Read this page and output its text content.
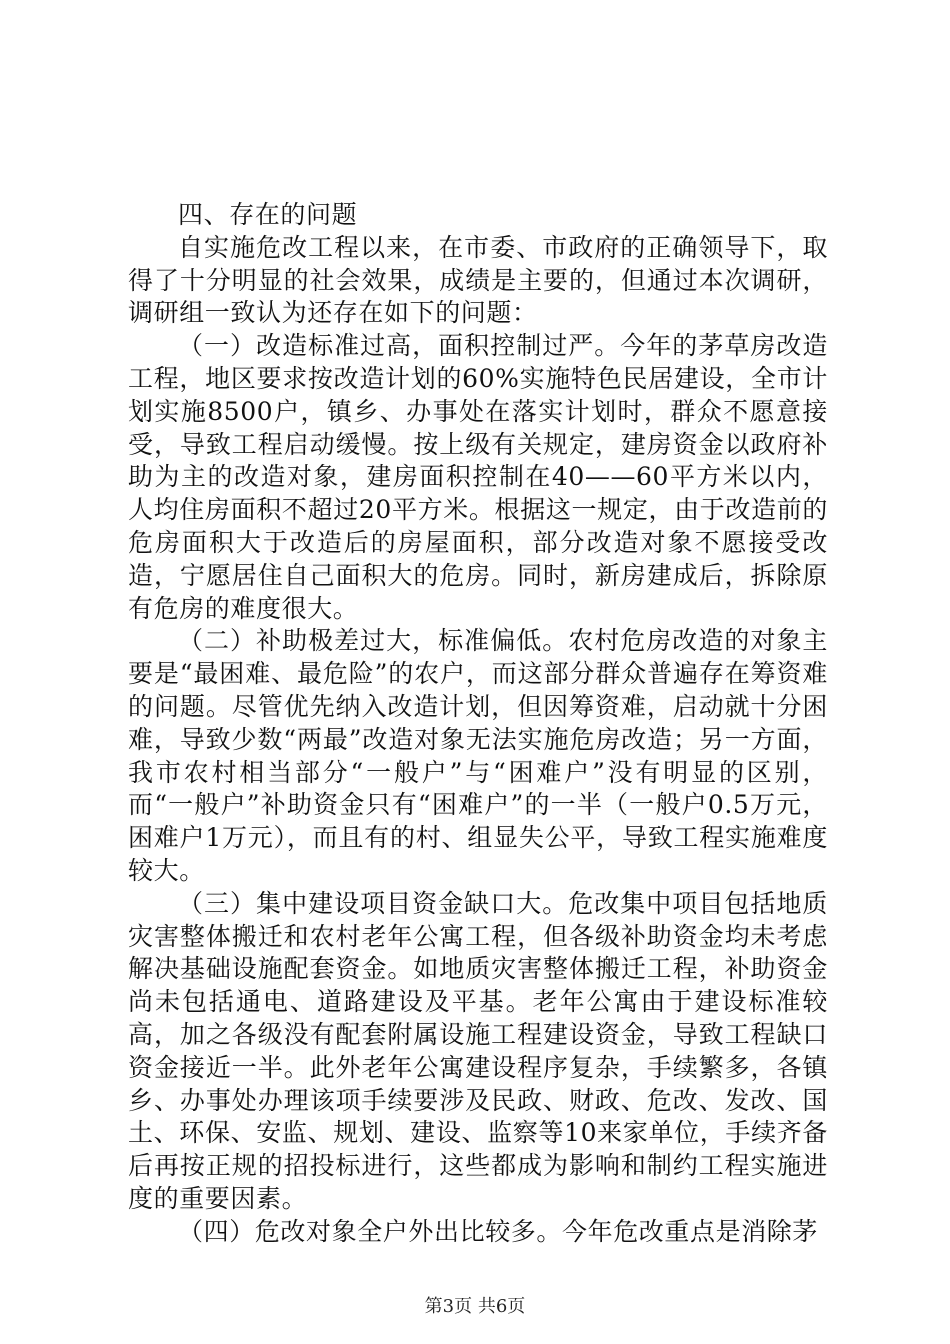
四、存在的问题

自实施危改工程以来，在市委、市政府的正确领导下，取得了十分明显的社会效果，成绩是主要的，但通过本次调研，调研组一致认为还存在如下的问题：

（一）改造标准过高，面积控制过严。今年的茅草房改造工程，地区要求按改造计划的60%实施特色民居建设，全市计划实施8500户，镇乡、办事处在落实计划时，群众不愿意接受，导致工程启动缓慢。按上级有关规定，建房资金以政府补助为主的改造对象，建房面积控制在40——60平方米以内，人均住房面积不超过20平方米。根据这一规定，由于改造前的危房面积大于改造后的房屋面积，部分改造对象不愿接受改造，宁愿居住自己面积大的危房。同时，新房建成后，拆除原有危房的难度很大。

（二）补助极差过大，标准偏低。农村危房改造的对象主要是“最困难、最危险”的农户，而这部分群众普遍存在筹资难的问题。尽管优先纳入改造计划，但因筹资难，启动就十分困难，导致少数“两最”改造对象无法实施危房改造；另一方面，我市农村相当部分“一般户”与“困难户”没有明显的区别，而“一般户”补助资金只有“困难户”的一半（一般户0.5万元，困难户1万元），而且有的村、组显失公平，导致工程实施难度较大。

（三）集中建设项目资金缺口大。危改集中项目包括地质灾害整体搬迁和农村老年公寓工程，但各级补助资金均未考虑解决基础设施配套资金。如地质灾害整体搬迁工程，补助资金尚未包括通电、道路建设及平基。老年公寓由于建设标准较高，加之各级没有配套附属设施工程建设资金，导致工程缺口资金接近一半。此外老年公寓建设程序复杂，手续繁多，各镇乡、办事处办理该项手续要涉及民政、财政、危改、发改、国土、环保、安监、规划、建设、监察等10来家单位，手续齐备后再按正规的招投标进行，这些都成为影响和制约工程实施进度的重要因素。

（四）危改对象全户外出比较多。今年危改重点是消除茅

第3页 共6页
